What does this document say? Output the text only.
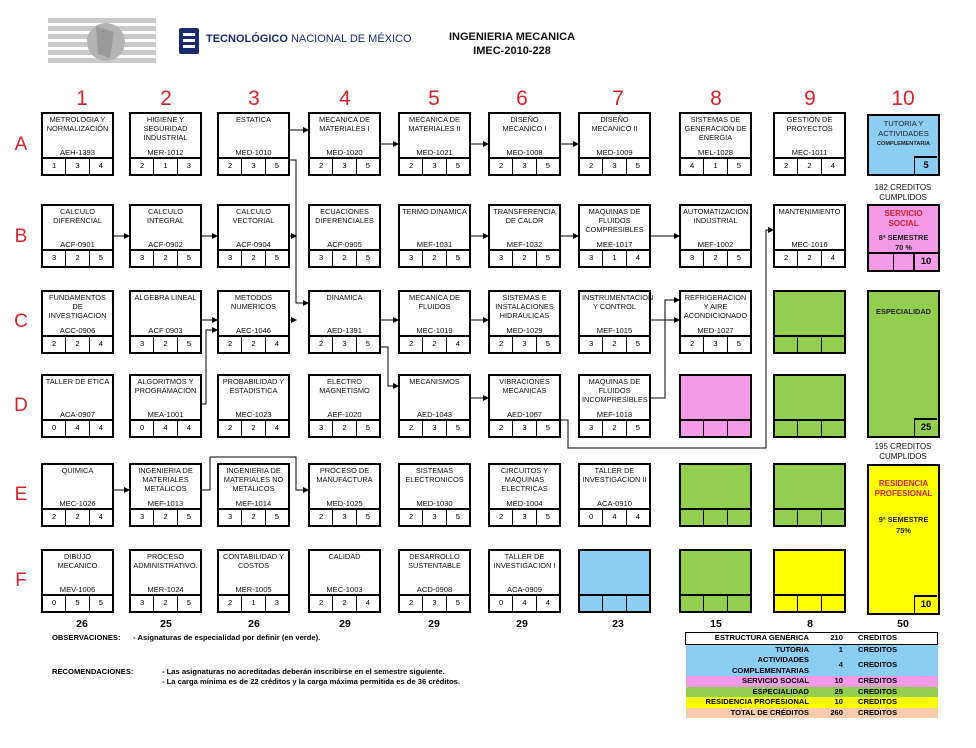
TECNOLÓGICO NACIONAL DE MÉXICO	INGENIERIA MECANICA
IMEC-2010-228
1	2	3	4	5	6	7	8	9	10
A
B
C
D
E
F
METROLOGIA Y NORMALIZACIÓN
AEH-1393
1	3	4
HIGIENE Y SEGURIDAD INDUSTRIAL
MER-1012
2	1	3
ESTATICA
MED-1010
2	3	5
MECANICA DE MATERIALES I
MED-1020
2	3	5
MECANICA DE MATERIALES II
MED-1021
2	3	5
DISEÑO MECANICO I
MED-1008
2	3	5
DISEÑO MECANICO II
MED-1009
2	3	5
SISTEMAS DE GENERACION DE ENERGIA
MEL-1028
4	1	5
GESTION DE PROYECTOS
MEC-1011
2	2	4
CALCULO DIFERENCIAL
ACF-0901
3	2	5
CALCULO INTEGRAL
ACF-0902
3	2	5
CALCULO VECTORIAL
ACF-0904
3	2	5
ECUACIONES DIFERENCIALES
ACF-0905
3	2	5
TERMO DINAMICA
MEF-1031
3	2	5
TRANSFERENCIA DE CALOR
MEF-1032
3	2	5
MAQUINAS DE FLUIDOS COMPRESIBLES
MEE-1017
3	1	4
AUTOMATIZACION INDUSTRIAL
MEF-1002
3	2	5
MANTENIMIENTO
MEC-1016
2	2	4
FUNDAMENTOS DE INVESTIGACION
ACC-0906
2	2	4
ALGEBRA LINEAL
ACF 0903
3	2	5
METODOS NUMERICOS
AEC-1046
2	2	4
DINAMICA
AED-1391
2	3	5
MECANICA DE FLUIDOS
MEC-1019
2	2	4
SISTEMAS E INSTALACIONES HIDRAULICAS
MED-1029
2	3	5
INSTRUMENTACION Y CONTROL
MEF-1015
3	2	5
REFRIGERACION Y AIRE ACONDICIONADO
MED-1027
2	3	5
TALLER DE ETICA
ACA-0907
0	4	4
ALGORITMOS Y PROGRAMACION
MEA-1001
0	4	4
PROBABILIDAD Y ESTADISTICA
MEC-1023
2	2	4
ELECTRO MAGNETISMO
AEF-1020
3	2	5
MECANISMOS
AED-1043
2	3	5
VIBRACIONES MECANICAS
AED-1067
2	3	5
MAQUINAS DE FLUIDOS INCOMPRESIBLES
MEF-1018
3	2	5
QUIMICA
MEC-1026
2	2	4
INGENIERIA DE MATERIALES METALICOS
MEF-1013
3	2	5
INGENIERIA DE MATERIALES NO METALICOS
MEF-1014
3	2	5
PROCESO DE MANUFACTURA
MED-1025
2	3	5
SISTEMAS ELECTRONICOS
MED-1030
2	3	5
CIRCUITOS Y MAQUINAS ELECTRICAS
MED-1004
2	3	5
TALLER DE INVESTIGACION II
ACA-0910
0	4	4
DIBUJO MECANICO
MEV-1006
0	5	5
PROCESO ADMINISTRATIVO.
MER-1024
3	2	5
CONTABILIDAD Y COSTOS
MER-1005
2	1	3
CALIDAD
MEC-1003
2	2	4
DESARROLLO SUSTENTABLE
ACD-0908
2	3	5
TALLER DE INVESTIGACION I
ACA-0909
0	4	4
TUTORIA Y ACTIVIDADES
COMPLEMENTARIA
5
182 CREDITOS CUMPLIDOS
SERVICIO SOCIAL
8ª SEMESTRE
70 %
10
ESPECIALIDAD
25
195 CREDITOS CUMPLIDOS
RESIDENCIA PROFESIONAL
9ª SEMESTRE
75%
10
26	25	26	29	29	29	23	15	8	50
OBSERVACIONES: - Asignaturas de especialidad por definir (en verde).
RECOMENDACIONES:	- Las asignaturas no acreditadas deberán inscribirse en el semestre siguiente.
- La carga mínima es de 22 créditos y la carga máxima permitida es de 36 créditos.
ESTRUCTURA GENÉRICA	210	CREDITOS
TUTORIA	1	CREDITOS
ACTIVIDADES COMPLEMENTARIAS	4	CREDITOS
SERVICIO SOCIAL	10	CREDITOS
ESPECIALIDAD	25	CREDITOS
RESIDENCIA PROFESIONAL	10	CREDITOS
TOTAL DE CRÉDITOS	260	CREDITOS
